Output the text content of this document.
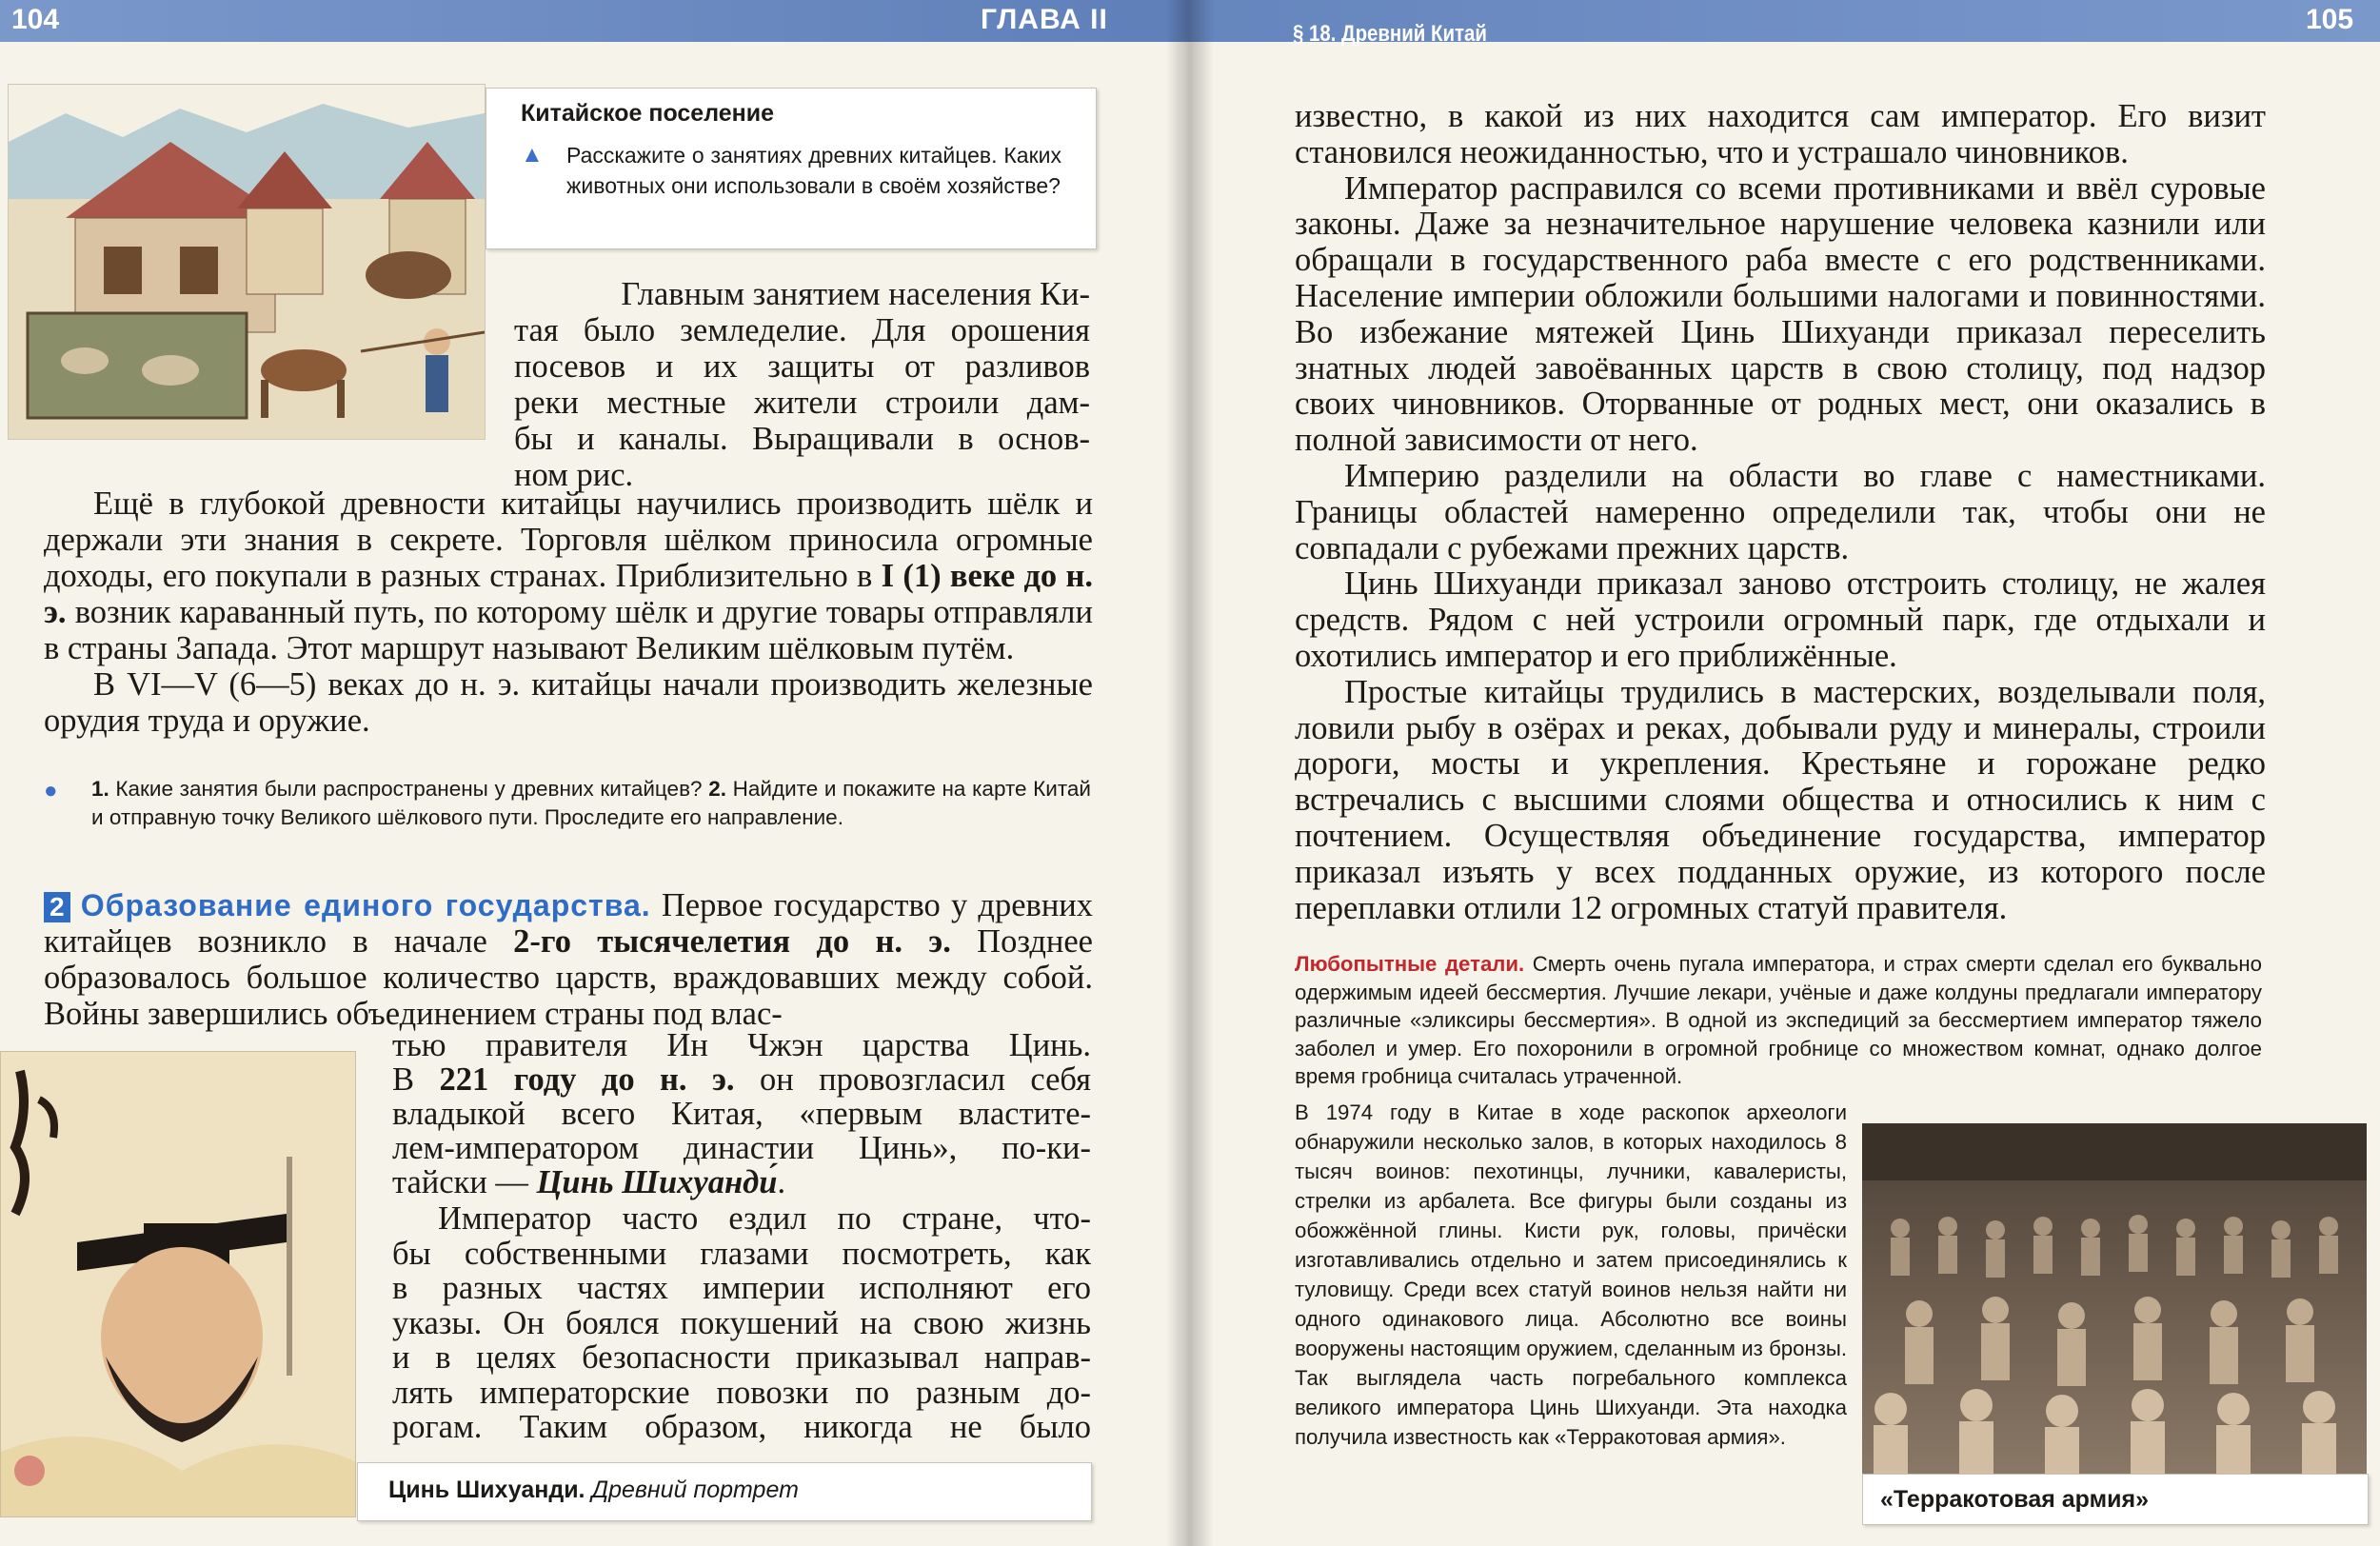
104	ГЛАВА II
Китайское поселение
▲ Расскажите о занятиях древних китайцев. Каких животных они использовали в своём хозяйстве?
Главным занятием населения Ки-
тая было земледелие. Для орошения
посевов и их защиты от разливов
реки местные жители строили дам-
бы и каналы. Выращивали в основ-
ном рис.

Ещё в глубокой древности китайцы научились производить шёлк и держали эти знания в секрете. Торговля шёлком приносила огромные доходы, его покупали в разных странах. Приблизительно в I (1) веке до н. э. возник караванный путь, по которому шёлк и другие товары отправляли в страны Запада. Этот маршрут называют Великим шёлковым путём.

В VI—V (6—5) веках до н. э. китайцы начали производить железные орудия труда и оружие.

● 1. Какие занятия были распространены у древних китайцев? 2. Найдите и покажите на карте Китай и отправную точку Великого шёлкового пути. Проследите его направление.
2 Образование единого государства. Первое государство у древних китайцев возникло в начале 2-го тысячелетия до н. э. Позднее образовалось большое количество царств, враждовавших между собой. Войны завершились объединением страны под влас-
тью правителя Ин Чжэн царства Цинь.
В 221 году до н. э. он провозгласил себя
владыкой всего Китая, «первым властите-
лем-императором династии Цинь», по-ки-
тайски — Цинь Шихуанди́.
Император часто ездил по стране, что-
бы собственными глазами посмотреть, как
в разных частях империи исполняют его
указы. Он боялся покушений на свою жизнь
и в целях безопасности приказывал направ-
лять императорские повозки по разным до-
рогам. Таким образом, никогда не было
Цинь Шихуанди. Древний портрет
§ 18. Древний Китай	105

известно, в какой из них находится сам император. Его визит становился неожиданностью, что и устрашало чиновников.

Император расправился со всеми противниками и ввёл суровые законы. Даже за незначительное нарушение человека казнили или обращали в государственного раба вместе с его родственниками. Население империи обложили большими налогами и повинностями. Во избежание мятежей Цинь Шихуанди приказал переселить знатных людей завоёванных царств в свою столицу, под надзор своих чиновников. Оторванные от родных мест, они оказались в полной зависимости от него.

Империю разделили на области во главе с наместниками. Границы областей намеренно определили так, чтобы они не совпадали с рубежами прежних царств.

Цинь Шихуанди приказал заново отстроить столицу, не жалея средств. Рядом с ней устроили огромный парк, где отдыхали и охотились император и его приближённые.

Простые китайцы трудились в мастерских, возделывали поля, ловили рыбу в озёрах и реках, добывали руду и минералы, строили дороги, мосты и укрепления. Крестьяне и горожане редко встречались с высшими слоями общества и относились к ним с почтением. Осуществляя объединение государства, император приказал изъять у всех подданных оружие, из которого после переплавки отлили 12 огромных статуй правителя.

Любопытные детали. Смерть очень пугала императора, и страх смерти сделал его буквально одержимым идеей бессмертия. Лучшие лекари, учёные и даже колдуны предлагали императору различные «эликсиры бессмертия». В одной из экспедиций за бессмертием император тяжело заболел и умер. Его похоронили в огромной гробнице со множеством комнат, однако долгое время гробница считалась утраченной.
В 1974 году в Китае в ходе раскопок археологи обнаружили несколько залов, в которых находилось 8 тысяч воинов: пехотинцы, лучники, кавалеристы, стрелки из арбалета. Все фигуры были созданы из обожжённой глины. Кисти рук, головы, причёски изготавливались отдельно и затем присоединялись к туловищу. Среди всех статуй воинов нельзя найти ни одного одинакового лица. Абсолютно все воины вооружены настоящим оружием, сделанным из бронзы. Так выглядела часть погребального комплекса великого императора Цинь Шихуанди. Эта находка получила известность как «Терракотовая армия».
«Терракотовая армия»
